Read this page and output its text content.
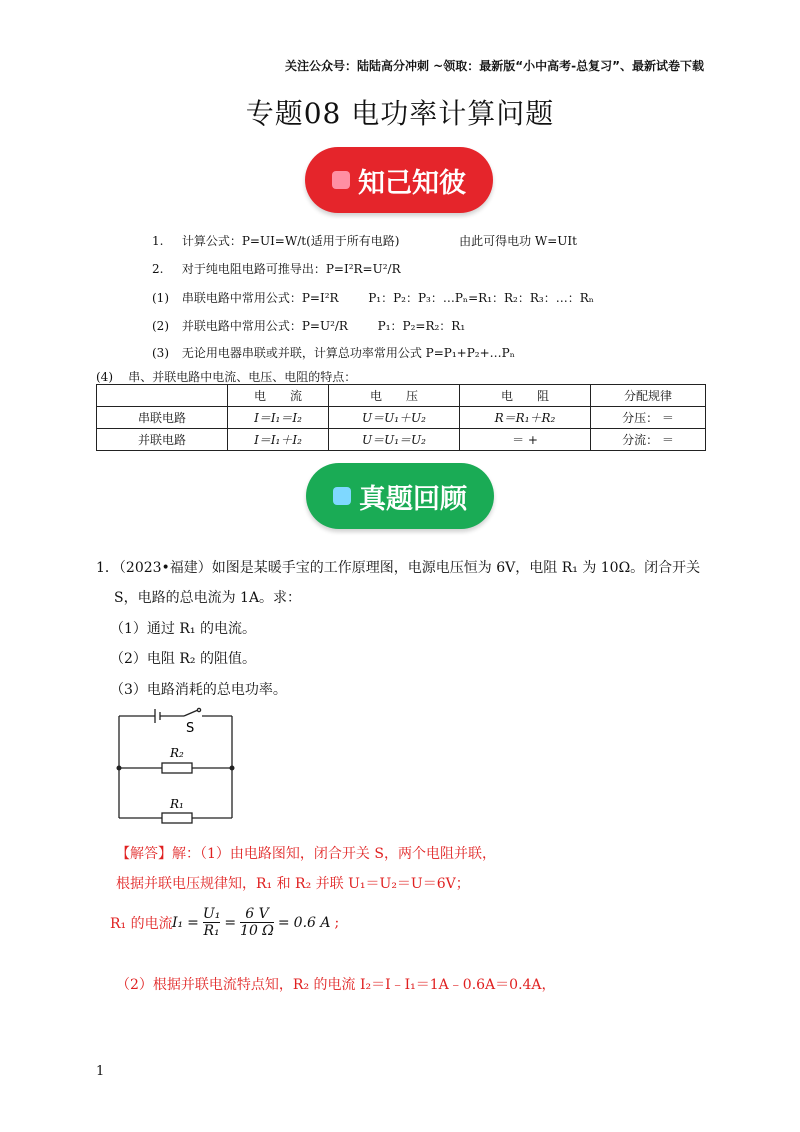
关注公众号：陆陆高分冲刺 ~领取：最新版“小中高考-总复习”、最新试卷下载
专题08 电功率计算问题
知己知彼
1. 计算公式：P=UI=W/t(适用于所有电路)	由此可得电功 W=UIt
2. 对于纯电阻电路可推导出：P=I²R=U²/R
(1) 串联电路中常用公式：P=I²R P₁：P₂：P₃：…Pₙ=R₁：R₂：R₃：…：Rₙ
(2) 并联电路中常用公式：P=U²/R P₁：P₂=R₂：R₁
(3) 无论用电器串联或并联，计算总功率常用公式 P=P₁+P₂+…Pₙ
(4)    串、并联电路中电流、电压、电阻的特点：
	电　　流	电　　压	电　　阻	分配规律
串联电路	I＝I₁＝I₂	U＝U₁＋U₂	R＝R₁＋R₂	分压： ＝
并联电路	I＝I₁＋I₂	U＝U₁＝U₂	＝ +	分流： ＝
真题回顾
1．（2023•福建）如图是某暖手宝的工作原理图，电源电压恒为 6V，电阻 R₁ 为 10Ω。闭合开关
S，电路的总电流为 1A。求：
（1）通过 R₁ 的电流。
（2）电阻 R₂ 的阻值。
（3）电路消耗的总电功率。
S
R₂
R₁
【解答】解：（1）由电路图知，闭合开关 S，两个电阻并联，
根据并联电压规律知，R₁ 和 R₂ 并联 U₁＝U₂＝U＝6V；
R₁ 的电流 $I_1 = \frac{\text{U₁}}{\text{R₁}} = \frac{6 V}{10 \Omega} = 0.6$ A ;
（2）根据并联电流特点知，R₂ 的电流 I₂＝I﹣I₁＝1A﹣0.6A＝0.4A，
1
